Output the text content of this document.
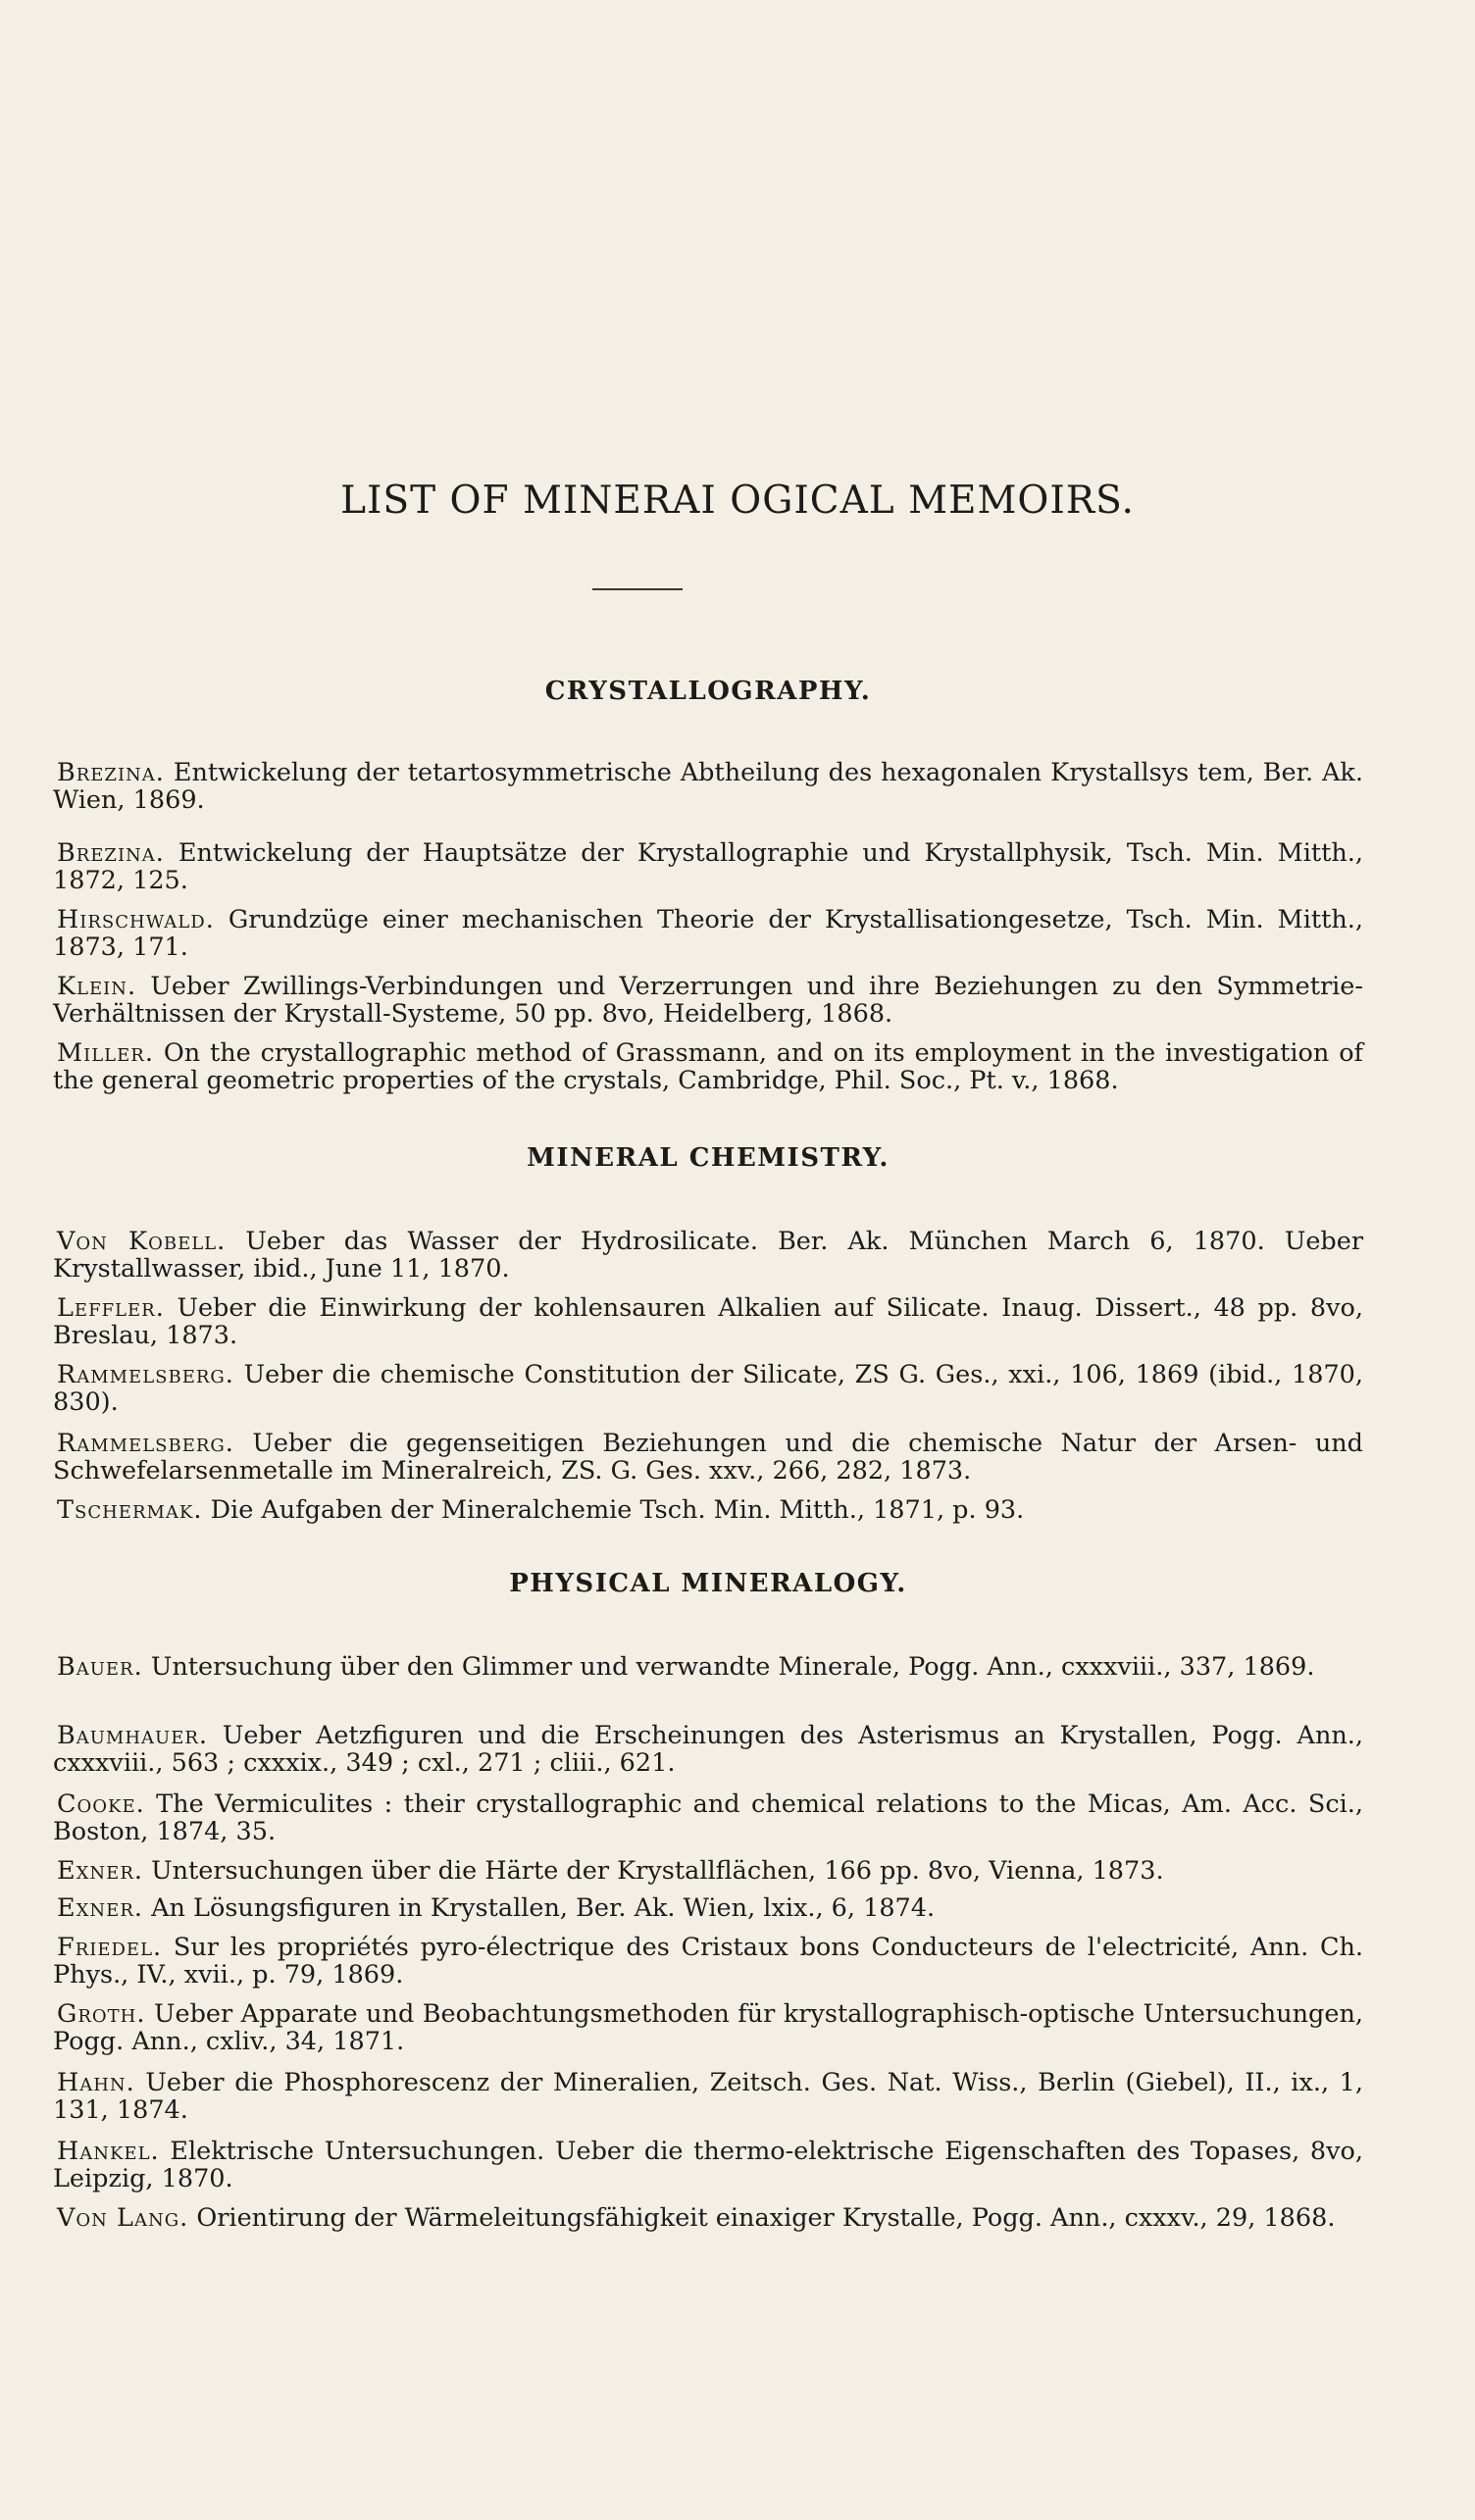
LIST OF MINERAI OGICAL MEMOIRS.
CRYSTALLOGRAPHY.

Brezina. Entwickelung der tetartosymmetrische Abtheilung des hexagonalen Krystallsys tem, Ber. Ak. Wien, 1869.

Brezina. Entwickelung der Hauptsätze der Krystallographie und Krystallphysik, Tsch. Min. Mitth., 1872, 125.

Hirschwald. Grundzüge einer mechanischen Theorie der Krystallisationgesetze, Tsch. Min. Mitth., 1873, 171.

Klein. Ueber Zwillings-Verbindungen und Verzerrungen und ihre Beziehungen zu den Symmetrie-Verhältnissen der Krystall-Systeme, 50 pp. 8vo, Heidelberg, 1868.

Miller. On the crystallographic method of Grassmann, and on its employment in the investigation of the general geometric properties of the crystals, Cambridge, Phil. Soc., Pt. v., 1868.

MINERAL CHEMISTRY.

Von Kobell. Ueber das Wasser der Hydrosilicate. Ber. Ak. München March 6, 1870. Ueber Krystallwasser, ibid., June 11, 1870.

Leffler. Ueber die Einwirkung der kohlensauren Alkalien auf Silicate. Inaug. Dissert., 48 pp. 8vo, Breslau, 1873.

Rammelsberg. Ueber die chemische Constitution der Silicate, ZS G. Ges., xxi., 106, 1869 (ibid., 1870, 830).

Rammelsberg. Ueber die gegenseitigen Beziehungen und die chemische Natur der Arsen- und Schwefelarsenmetalle im Mineralreich, ZS. G. Ges. xxv., 266, 282, 1873.

Tschermak. Die Aufgaben der Mineralchemie Tsch. Min. Mitth., 1871, p. 93.

PHYSICAL MINERALOGY.

Bauer. Untersuchung über den Glimmer und verwandte Minerale, Pogg. Ann., cxxxviii., 337, 1869.

Baumhauer. Ueber Aetzfiguren und die Erscheinungen des Asterismus an Krystallen, Pogg. Ann., cxxxviii., 563 ; cxxxix., 349 ; cxl., 271 ; cliii., 621.

Cooke. The Vermiculites : their crystallographic and chemical relations to the Micas, Am. Acc. Sci., Boston, 1874, 35.

Exner. Untersuchungen über die Härte der Krystallflächen, 166 pp. 8vo, Vienna, 1873.

Exner. An Lösungsfiguren in Krystallen, Ber. Ak. Wien, lxix., 6, 1874.

Friedel. Sur les propriétés pyro-électrique des Cristaux bons Conducteurs de l'electricité, Ann. Ch. Phys., IV., xvii., p. 79, 1869.

Groth. Ueber Apparate und Beobachtungsmethoden für krystallographisch-optische Untersuchungen, Pogg. Ann., cxliv., 34, 1871.

Hahn. Ueber die Phosphorescenz der Mineralien, Zeitsch. Ges. Nat. Wiss., Berlin (Giebel), II., ix., 1, 131, 1874.

Hankel. Elektrische Untersuchungen. Ueber die thermo-elektrische Eigenschaften des Topases, 8vo, Leipzig, 1870.

Von Lang. Orientirung der Wärmeleitungsfähigkeit einaxiger Krystalle, Pogg. Ann., cxxxv., 29, 1868.
